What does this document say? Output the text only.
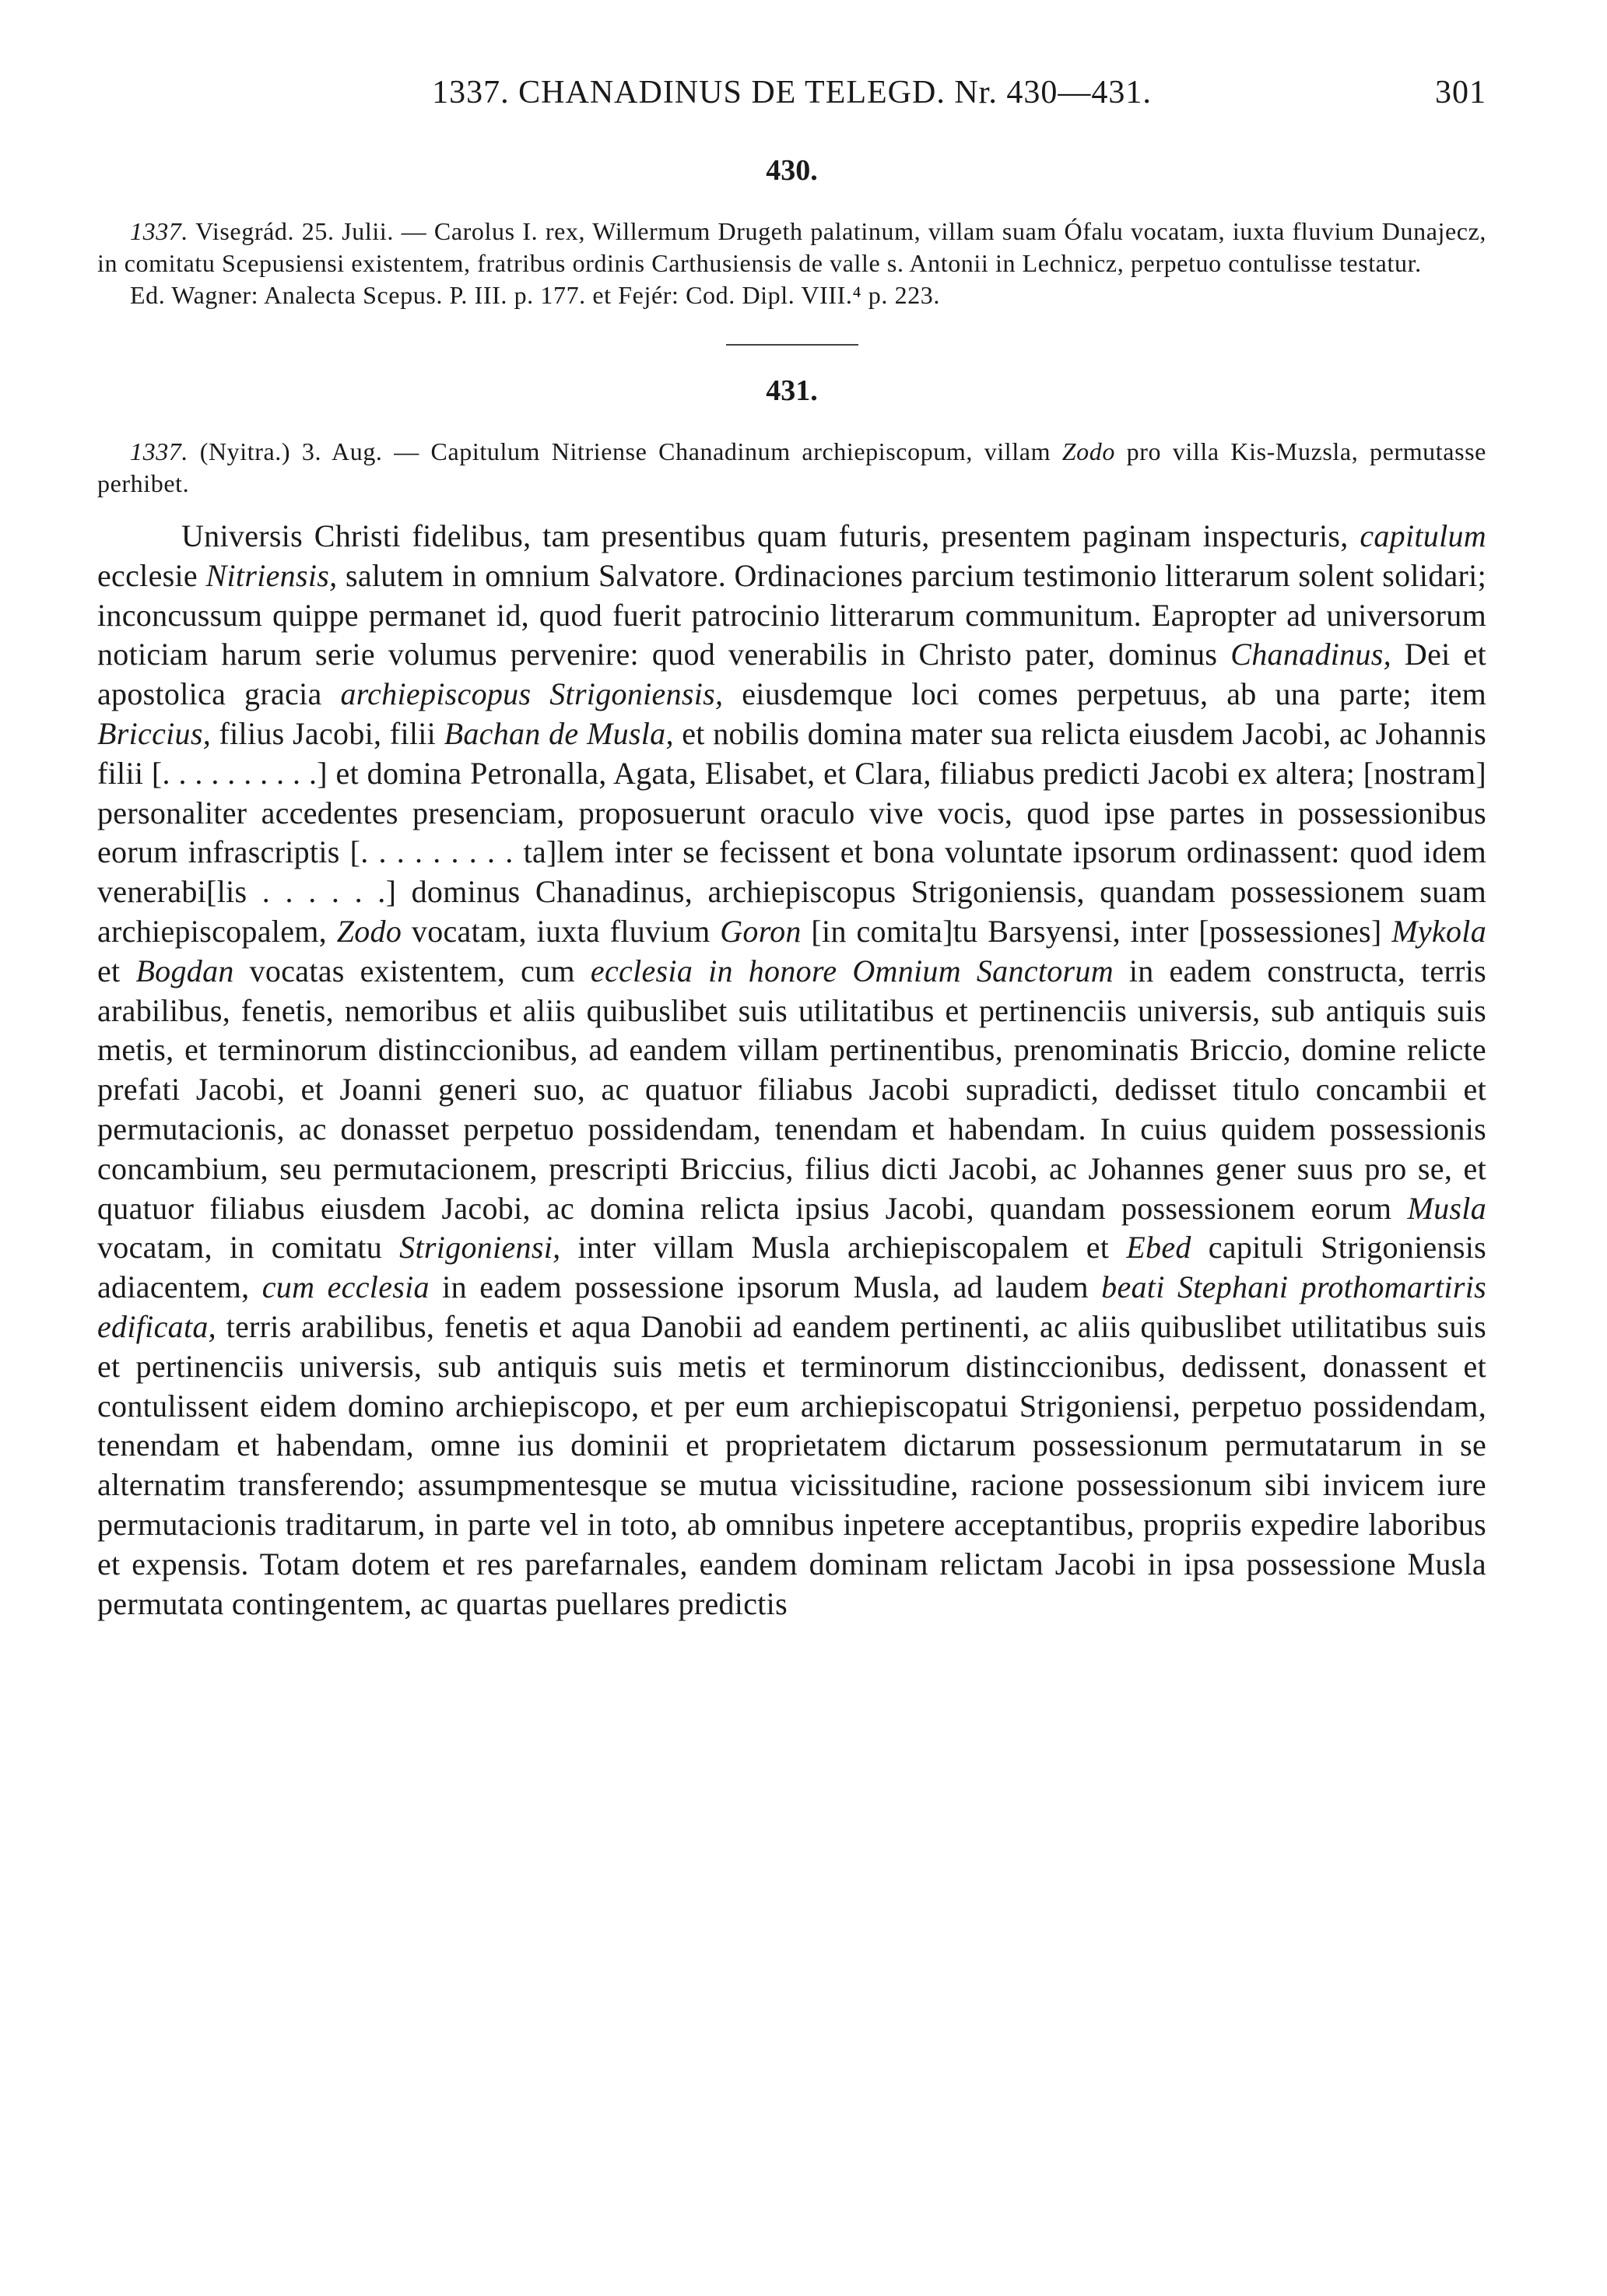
1337. CHANADINUS DE TELEGD. Nr. 430—431.	301
430.

1337. Visegrád. 25. Julii. — Carolus I. rex, Willermum Drugeth palatinum, villam suam Ófalu vocatam, iuxta fluvium Dunajecz, in comitatu Scepusiensi existentem, fratribus ordinis Carthusiensis de valle s. Antonii in Lechnicz, perpetuo contulisse testatur.

Ed. Wagner: Analecta Scepus. P. III. p. 177. et Fejér: Cod. Dipl. VIII.⁴ p. 223.

431.

1337. (Nyitra.) 3. Aug. — Capitulum Nitriense Chanadinum archiepiscopum, villam Zodo pro villa Kis-Muzsla, permutasse perhibet.

Universis Christi fidelibus, tam presentibus quam futuris, presentem paginam inspecturis, capitulum ecclesie Nitriensis, salutem in omnium Salvatore. Ordinaciones parcium testimonio litterarum solent solidari; inconcussum quippe permanet id, quod fuerit patrocinio litterarum communitum. Eapropter ad universorum noticiam harum serie volumus pervenire: quod venerabilis in Christo pater, dominus Chanadinus, Dei et apostolica gracia archiepiscopus Strigoniensis, eiusdemque loci comes perpetuus, ab una parte; item Briccius, filius Jacobi, filii Bachan de Musla, et nobilis domina mater sua relicta eiusdem Jacobi, ac Johannis filii [. . . . . . . . . .] et domina Petronalla, Agata, Elisabet, et Clara, filiabus predicti Jacobi ex altera; [nostram] personaliter accedentes presenciam, proposuerunt oraculo vive vocis, quod ipse partes in possessionibus eorum infrascriptis [. . . . . . . . . ta]lem inter se fecissent et bona voluntate ipsorum ordinassent: quod idem venerabi[lis . . . . . .] dominus Chanadinus, archiepiscopus Strigoniensis, quandam possessionem suam archiepiscopalem, Zodo vocatam, iuxta fluvium Goron [in comita]tu Barsyensi, inter [possessiones] Mykola et Bogdan vocatas existentem, cum ecclesia in honore Omnium Sanctorum in eadem constructa, terris arabilibus, fenetis, nemoribus et aliis quibuslibet suis utilitatibus et pertinenciis universis, sub antiquis suis metis, et terminorum distinccionibus, ad eandem villam pertinentibus, prenominatis Briccio, domine relicte prefati Jacobi, et Joanni generi suo, ac quatuor filiabus Jacobi supradicti, dedisset titulo concambii et permutacionis, ac donasset perpetuo possidendam, tenendam et habendam. In cuius quidem possessionis concambium, seu permutacionem, prescripti Briccius, filius dicti Jacobi, ac Johannes gener suus pro se, et quatuor filiabus eiusdem Jacobi, ac domina relicta ipsius Jacobi, quandam possessionem eorum Musla vocatam, in comitatu Strigoniensi, inter villam Musla archiepiscopalem et Ebed capituli Strigoniensis adiacentem, cum ecclesia in eadem possessione ipsorum Musla, ad laudem beati Stephani prothomartiris edificata, terris arabilibus, fenetis et aqua Danobii ad eandem pertinenti, ac aliis quibuslibet utilitatibus suis et pertinenciis universis, sub antiquis suis metis et terminorum distinccionibus, dedissent, donassent et contulissent eidem domino archiepiscopo, et per eum archiepiscopatui Strigoniensi, perpetuo possidendam, tenendam et habendam, omne ius dominii et proprietatem dictarum possessionum permutatarum in se alternatim transferendo; assumpmentesque se mutua vicissitudine, racione possessionum sibi invicem iure permutacionis traditarum, in parte vel in toto, ab omnibus inpetere acceptantibus, propriis expedire laboribus et expensis. Totam dotem et res parefarnales, eandem dominam relictam Jacobi in ipsa possessione Musla permutata contingentem, ac quartas puellares predictis
